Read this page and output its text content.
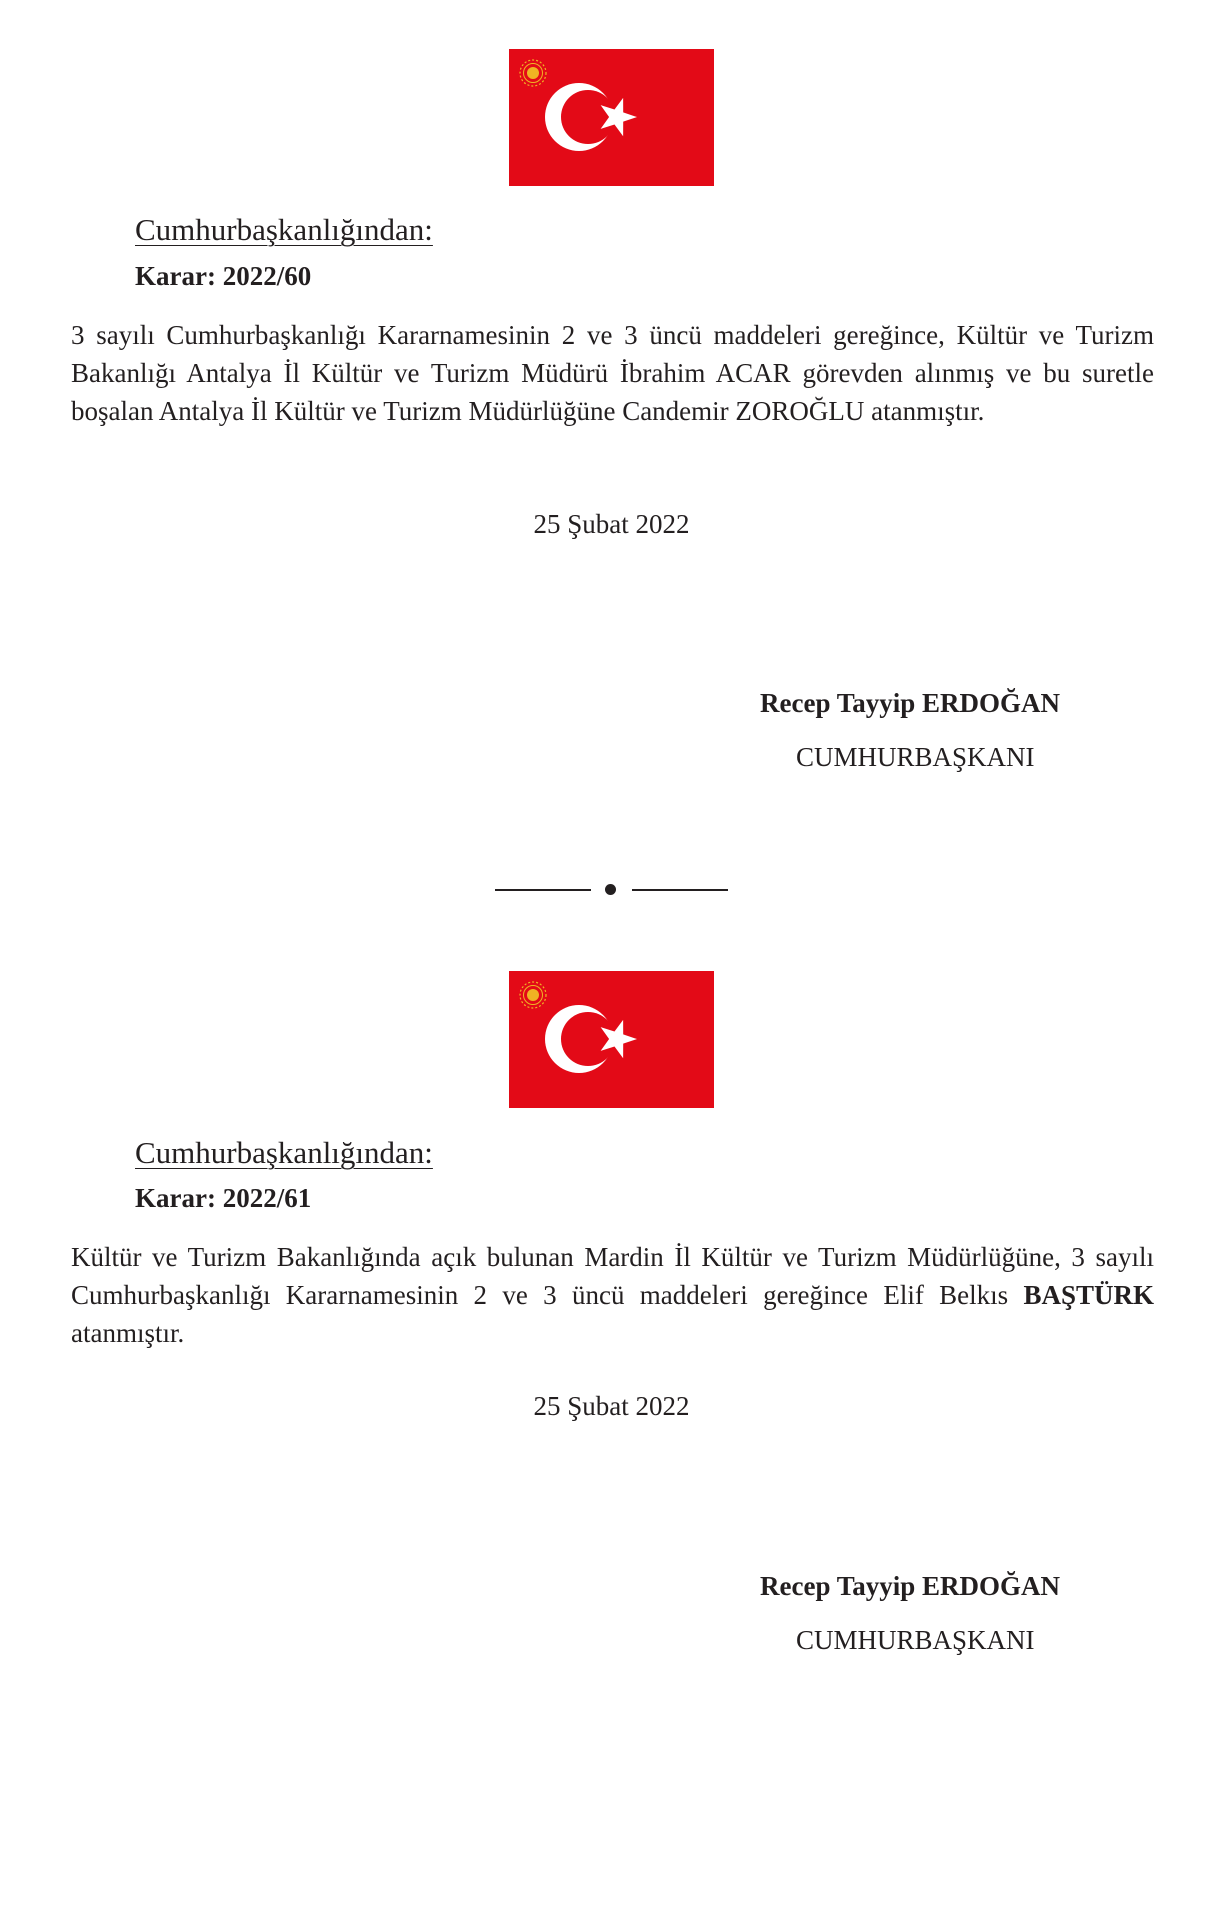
Cumhurbaşkanlığından:
Karar: 2022/60
3 sayılı Cumhurbaşkanlığı Kararnamesinin 2 ve 3 üncü maddeleri gereğince, Kültür ve Turizm Bakanlığı Antalya İl Kültür ve Turizm Müdürü İbrahim ACAR görevden alınmış ve bu suretle boşalan Antalya İl Kültür ve Turizm Müdürlüğüne Candemir ZOROĞLU atanmıştır.
25 Şubat 2022
Recep Tayyip ERDOĞAN
CUMHURBAŞKANI
Cumhurbaşkanlığından:
Karar: 2022/61
Kültür ve Turizm Bakanlığında açık bulunan Mardin İl Kültür ve Turizm Müdürlüğüne, 3 sayılı Cumhurbaşkanlığı Kararnamesinin 2 ve 3 üncü maddeleri gereğince Elif Belkıs BAŞTÜRK atanmıştır.
25 Şubat 2022
Recep Tayyip ERDOĞAN
CUMHURBAŞKANI
